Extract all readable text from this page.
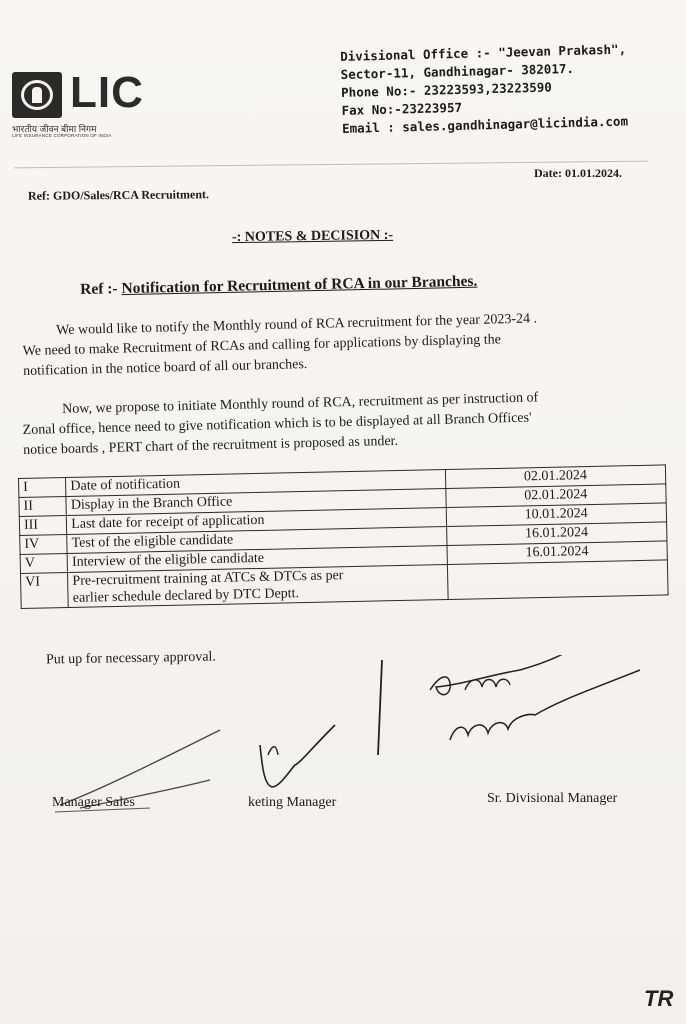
LIC
भारतीय जीवन बीमा निगम
LIFE INSURANCE CORPORATION OF INDIA
Divisional Office :- "Jeevan Prakash",
Sector-11, Gandhinagar- 382017.
Phone No:- 23223593,23223590
Fax No:-23223957
Email : sales.gandhinagar@licindia.com
Date: 01.01.2024.
Ref: GDO/Sales/RCA Recruitment.
-: NOTES & DECISION :-
Ref :- Notification for Recruitment of RCA in our Branches.
We would like to notify the Monthly round of RCA recruitment for the year 2023-24 .
We need to make Recruitment of RCAs and calling for applications by displaying the
notification in the notice board of all our branches.
Now, we propose to initiate Monthly round of RCA, recruitment as per instruction of
Zonal office, hence need to give notification which is to be displayed at all Branch Offices'
notice boards , PERT chart of the recruitment is proposed as under.
I	Date of notification	02.01.2024
II	Display in the Branch Office	02.01.2024
III	Last date for receipt of application	10.01.2024
IV	Test of the eligible candidate	16.01.2024
V	Interview of the eligible candidate	16.01.2024
VI	Pre-recruitment training at ATCs & DTCs as per
earlier schedule declared by DTC Deptt.	

Put up for necessary approval.
Manager Sales	keting Manager	Sr. Divisional Manager
TR
